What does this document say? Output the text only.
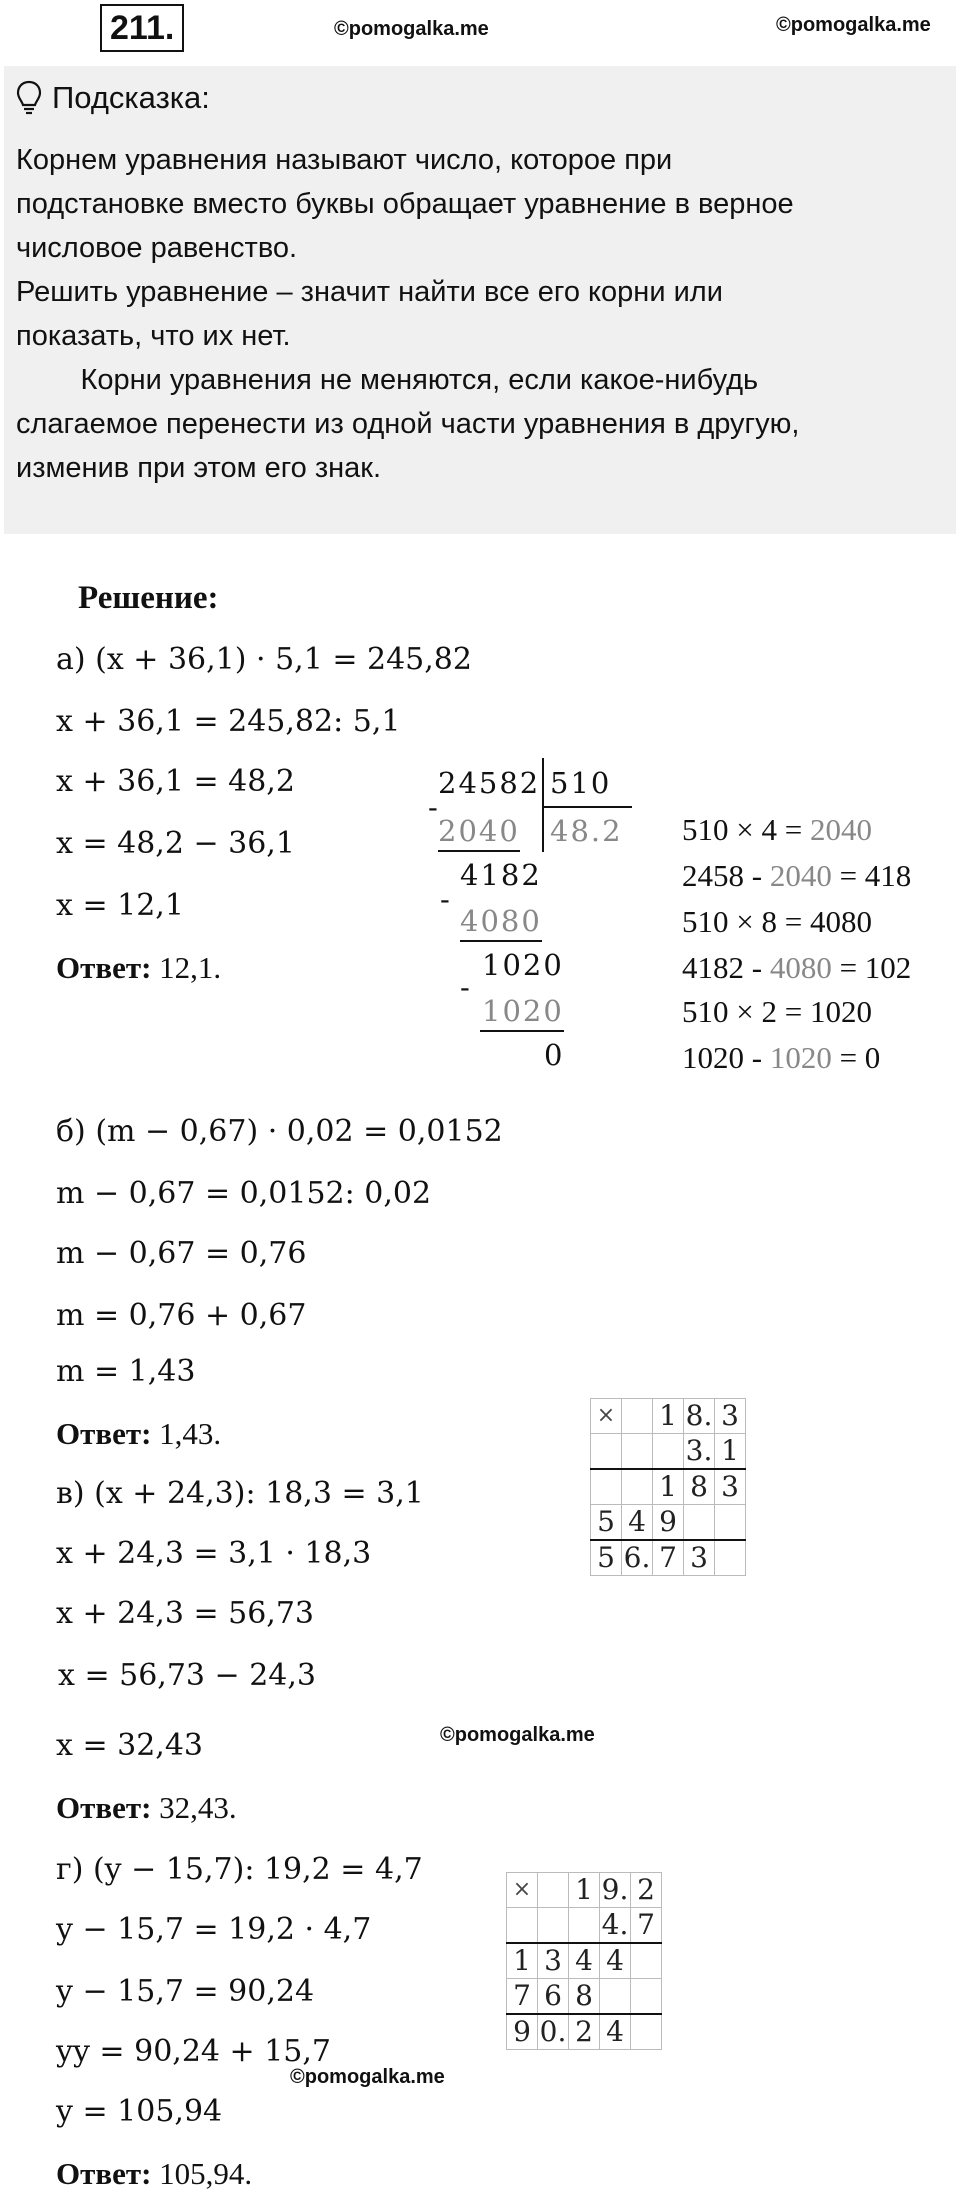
211.	©pomogalka.me	©pomogalka.me
Подсказка:
Корнем уравнения называют число, которое при
подстановке вместо буквы обращает уравнение в верное
числовое равенство.
Решить уравнение – значит найти все его корни или
показать, что их нет.
Корни уравнения не меняются, если какое-нибудь
слагаемое перенести из одной части уравнения в другую,
изменив при этом его знак.
Решение:
а) (x + 36,1) · 5,1 = 245,82
x + 36,1 = 245,82: 5,1
x + 36,1 = 48,2
x = 48,2 − 36,1
x = 12,1
Ответ: 12,1.
24582 510
48.2
-
2040
4182
-
4080
1020
-
1020
0
510 × 4 = 2040
2458 - 2040 = 418
510 × 8 = 4080
4182 - 4080 = 102
510 × 2 = 1020
1020 - 1020 = 0
б) (m − 0,67) · 0,02 = 0,0152
m − 0,67 = 0,0152: 0,02
m − 0,67 = 0,76
m = 0,76 + 0,67
m = 1,43
Ответ: 1,43.
×		1	8.	3
			3.	1
		1	8	3
5	4	9		
5	6.	7	3	
в) (x + 24,3): 18,3 = 3,1
x + 24,3 = 3,1 · 18,3
x + 24,3 = 56,73
x = 56,73 − 24,3
x = 32,43	©pomogalka.me
Ответ: 32,43.
×		1	9.	2
			4.	7
1	3	4	4	
7	6	8		
9	0.	2	4	
г) (y − 15,7): 19,2 = 4,7
y − 15,7 = 19,2 · 4,7
y − 15,7 = 90,24
yy = 90,24 + 15,7
©pomogalka.me
y = 105,94
Ответ: 105,94.
